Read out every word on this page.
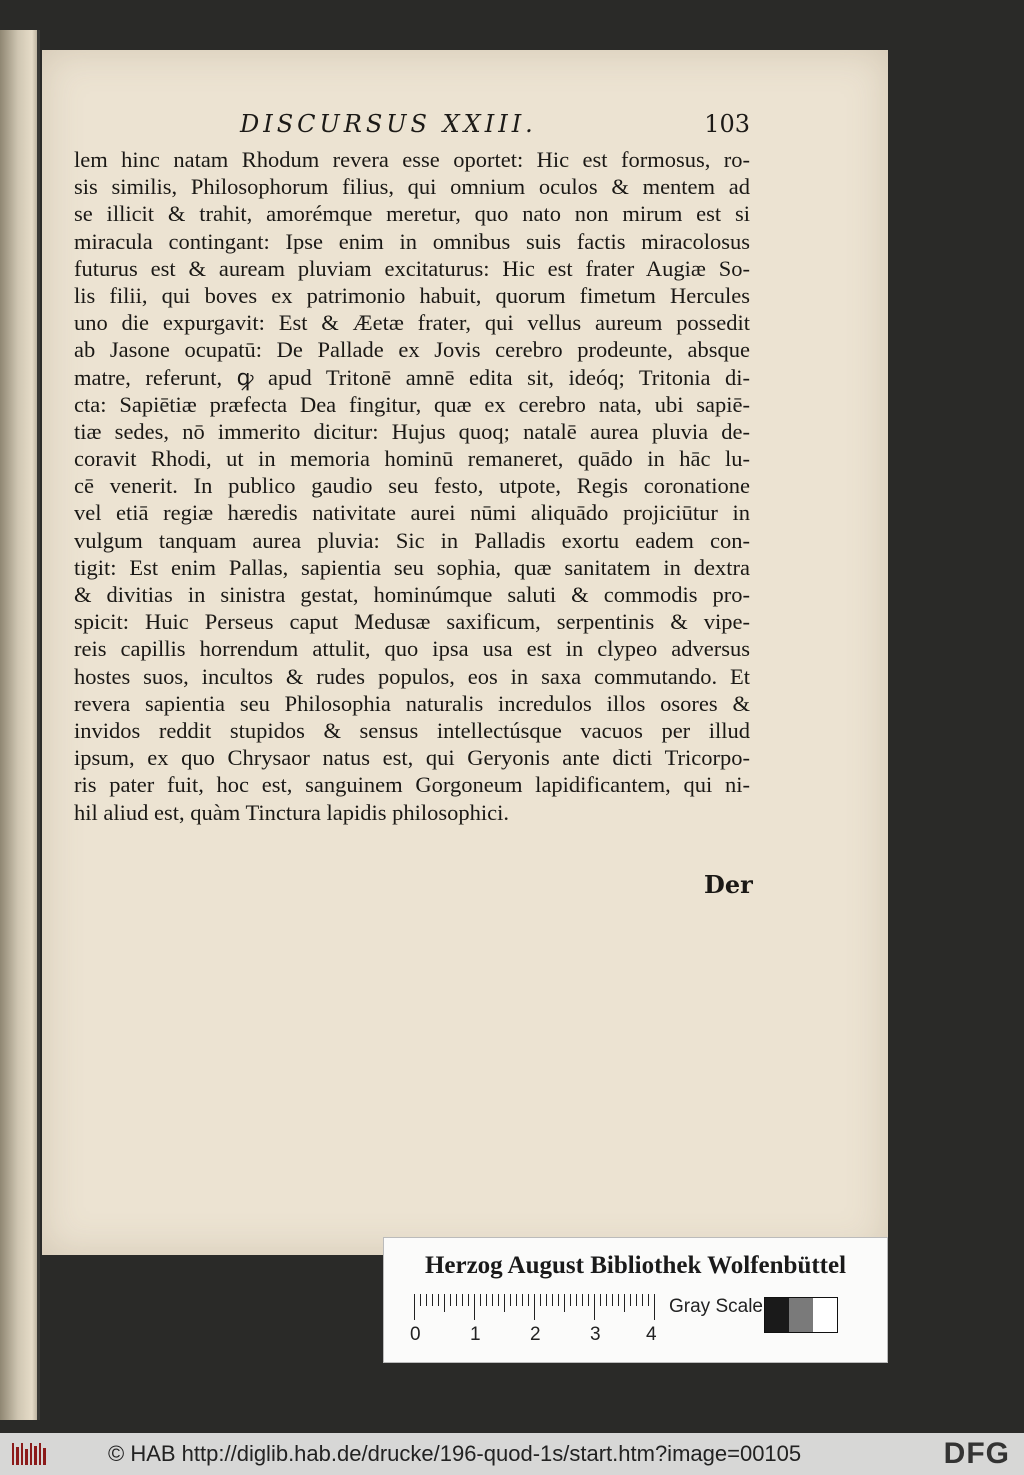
DISCURSUS XXIII.	103
lem hinc natam Rhodum revera esse oportet: Hic est formosus, ro-
sis similis, Philosophorum filius, qui omnium oculos & mentem ad
se illicit & trahit, amorémque meretur, quo nato non mirum est si
miracula contingant: Ipse enim in omnibus suis factis miracolosus
futurus est & auream pluviam excitaturus: Hic est frater Augiæ So-
lis filii, qui boves ex patrimonio habuit, quorum fimetum Hercules
uno die expurgavit: Est & Æetæ frater, qui vellus aureum possedit
ab Jasone ocupatū: De Pallade ex Jovis cerebro prodeunte, absque
matre, referunt, ꝙ apud Tritonē amnē edita sit, ideóq; Tritonia di-
cta: Sapiētiæ præfecta Dea fingitur, quæ ex cerebro nata, ubi sapiē-
tiæ sedes, nō immerito dicitur: Hujus quoq; natalē aurea pluvia de-
coravit Rhodi, ut in memoria hominū remaneret, quādo in hāc lu-
cē venerit. In publico gaudio seu festo, utpote, Regis coronatione
vel etiā regiæ hæredis nativitate aurei nūmi aliquādo projiciūtur in
vulgum tanquam aurea pluvia: Sic in Palladis exortu eadem con-
tigit: Est enim Pallas, sapientia seu sophia, quæ sanitatem in dextra
& divitias in sinistra gestat, hominúmque saluti & commodis pro-
spicit: Huic Perseus caput Medusæ saxificum, serpentinis & vipe-
reis capillis horrendum attulit, quo ipsa usa est in clypeo adversus
hostes suos, incultos & rudes populos, eos in saxa commutando. Et
revera sapientia seu Philosophia naturalis incredulos illos osores &
invidos reddit stupidos & sensus intellectúsque vacuos per illud
ipsum, ex quo Chrysaor natus est, qui Geryonis ante dicti Tricorpo-
ris pater fuit, hoc est, sanguinem Gorgoneum lapidificantem, qui ni-
hil aliud est, quàm Tinctura lapidis philosophici.
Der
Herzog August Bibliothek Wolfenbüttel
0	1	2	3 4
Gray Scale
© HAB http://diglib.hab.de/drucke/196-quod-1s/start.htm?image=00105	DFG
